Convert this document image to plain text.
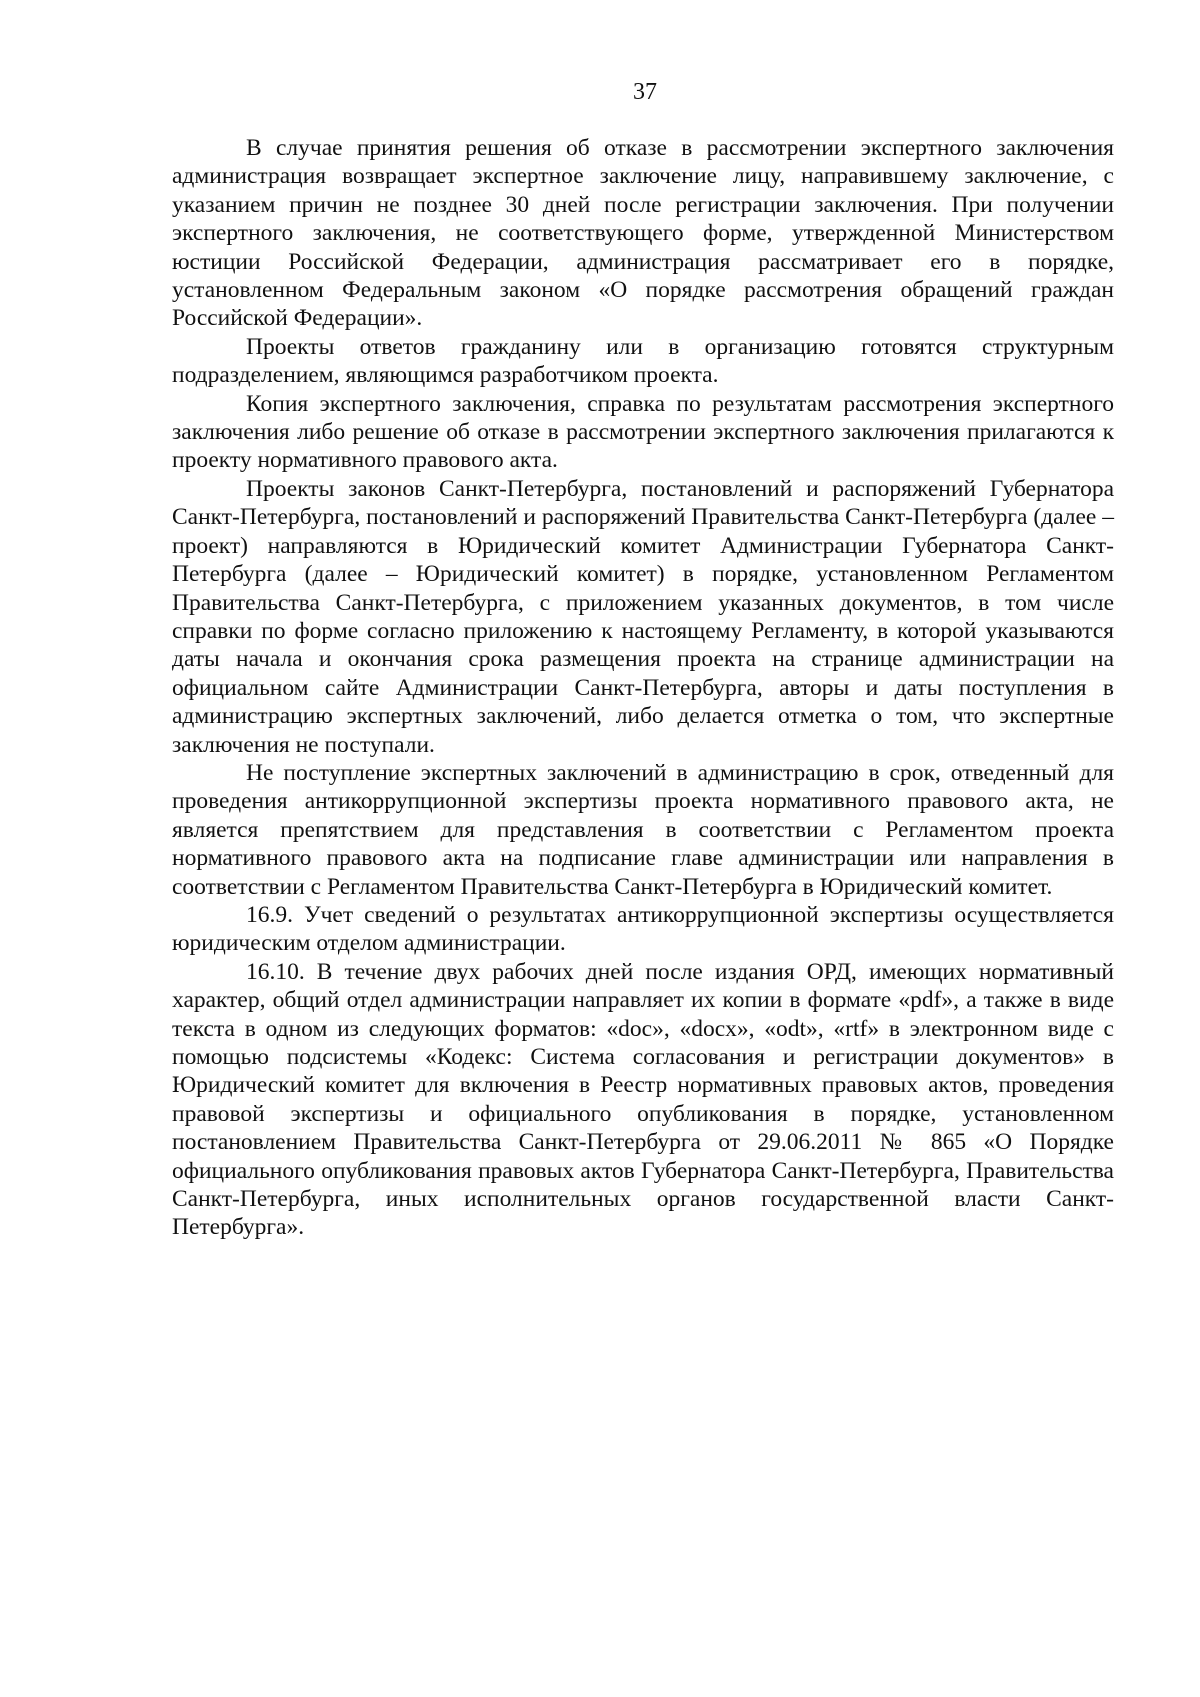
37

В случае принятия решения об отказе в рассмотрении экспертного заключения администрация возвращает экспертное заключение лицу, направившему заключение, с указанием причин не позднее 30 дней после регистрации заключения. При получении экспертного заключения, не соответствующего форме, утвержденной Министерством юстиции Российской Федерации, администрация рассматривает его в порядке, установленном Федеральным законом «О порядке рассмотрения обращений граждан Российской Федерации».

Проекты ответов гражданину или в организацию готовятся структурным подразделением, являющимся разработчиком проекта.

Копия экспертного заключения, справка по результатам рассмотрения экспертного заключения либо решение об отказе в рассмотрении экспертного заключения прилагаются к проекту нормативного правового акта.

Проекты законов Санкт-Петербурга, постановлений и распоряжений Губернатора Санкт-Петербурга, постановлений и распоряжений Правительства Санкт-Петербурга (далее – проект) направляются в Юридический комитет Администрации Губернатора Санкт-Петербурга (далее – Юридический комитет) в порядке, установленном Регламентом Правительства Санкт-Петербурга, с приложением указанных документов, в том числе справки по форме согласно приложению к настоящему Регламенту, в которой указываются даты начала и окончания срока размещения проекта на странице администрации на официальном сайте Администрации Санкт-Петербурга, авторы и даты поступления в администрацию экспертных заключений, либо делается отметка о том, что экспертные заключения не поступали.

Не поступление экспертных заключений в администрацию в срок, отведенный для проведения антикоррупционной экспертизы проекта нормативного правового акта, не является препятствием для представления в соответствии с Регламентом проекта нормативного правового акта на подписание главе администрации или направления в соответствии с Регламентом Правительства Санкт-Петербурга в Юридический комитет.

16.9. Учет сведений о результатах антикоррупционной экспертизы осуществляется юридическим отделом администрации.

16.10. В течение двух рабочих дней после издания ОРД, имеющих нормативный характер, общий отдел администрации направляет их копии в формате «pdf», а также в виде текста в одном из следующих форматов: «doc», «docx», «odt», «rtf» в электронном виде с помощью подсистемы «Кодекс: Система согласования и регистрации документов» в Юридический комитет для включения в Реестр нормативных правовых актов, проведения правовой экспертизы и официального опубликования в порядке, установленном постановлением Правительства Санкт-Петербурга от 29.06.2011 № 865 «О Порядке официального опубликования правовых актов Губернатора Санкт-Петербурга, Правительства Санкт-Петербурга, иных исполнительных органов государственной власти Санкт-Петербурга».
